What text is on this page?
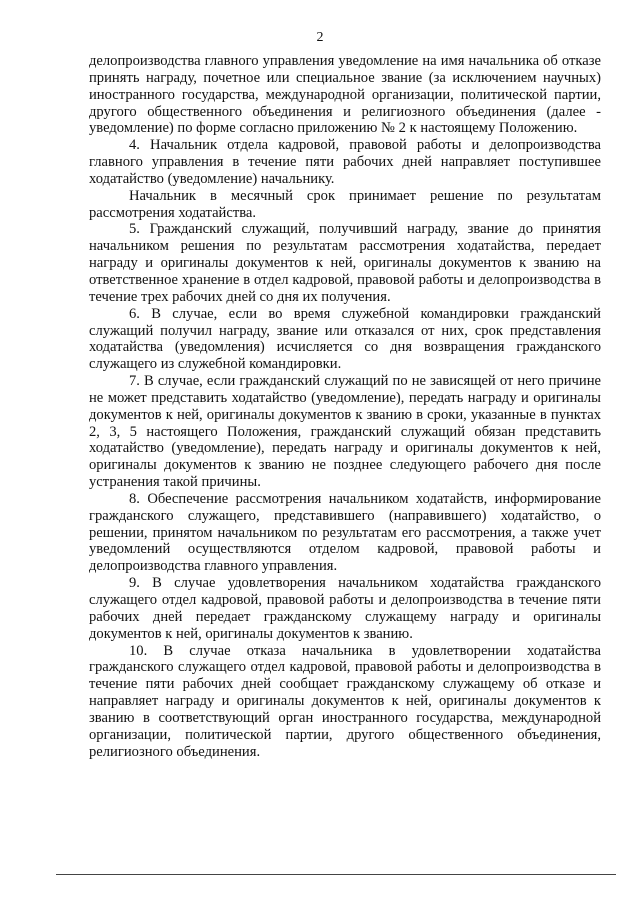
2

делопроизводства главного управления уведомление на имя начальника об отказе принять награду, почетное или специальное звание (за исключением научных) иностранного государства, международной организации, политической партии, другого общественного объединения и религиозного объединения (далее - уведомление) по форме согласно приложению № 2 к настоящему Положению.

4. Начальник отдела кадровой, правовой работы и делопроизводства главного управления в течение пяти рабочих дней направляет поступившее ходатайство (уведомление) начальнику.

Начальник в месячный срок принимает решение по результатам рассмотрения ходатайства.

5. Гражданский служащий, получивший награду, звание до принятия начальником решения по результатам рассмотрения ходатайства, передает награду и оригиналы документов к ней, оригиналы документов к званию на ответственное хранение в отдел кадровой, правовой работы и делопроизводства в течение трех рабочих дней со дня их получения.

6. В случае, если во время служебной командировки гражданский служащий получил награду, звание или отказался от них, срок представления ходатайства (уведомления) исчисляется со дня возвращения гражданского служащего из служебной командировки.

7. В случае, если гражданский служащий по не зависящей от него причине не может представить ходатайство (уведомление), передать награду и оригиналы документов к ней, оригиналы документов к званию в сроки, указанные в пунктах 2, 3, 5 настоящего Положения, гражданский служащий обязан представить ходатайство (уведомление), передать награду и оригиналы документов к ней, оригиналы документов к званию не позднее следующего рабочего дня после устранения такой причины.

8. Обеспечение рассмотрения начальником ходатайств, информирование гражданского служащего, представившего (направившего) ходатайство, о решении, принятом начальником по результатам его рассмотрения, а также учет уведомлений осуществляются отделом кадровой, правовой работы и делопроизводства главного управления.

9. В случае удовлетворения начальником ходатайства гражданского служащего отдел кадровой, правовой работы и делопроизводства в течение пяти рабочих дней передает гражданскому служащему награду и оригиналы документов к ней, оригиналы документов к званию.

10. В случае отказа начальника в удовлетворении ходатайства гражданского служащего отдел кадровой, правовой работы и делопроизводства в течение пяти рабочих дней сообщает гражданскому служащему об отказе и направляет награду и оригиналы документов к ней, оригиналы документов к званию в соответствующий орган иностранного государства, международной организации, политической партии, другого общественного объединения, религиозного объединения.
